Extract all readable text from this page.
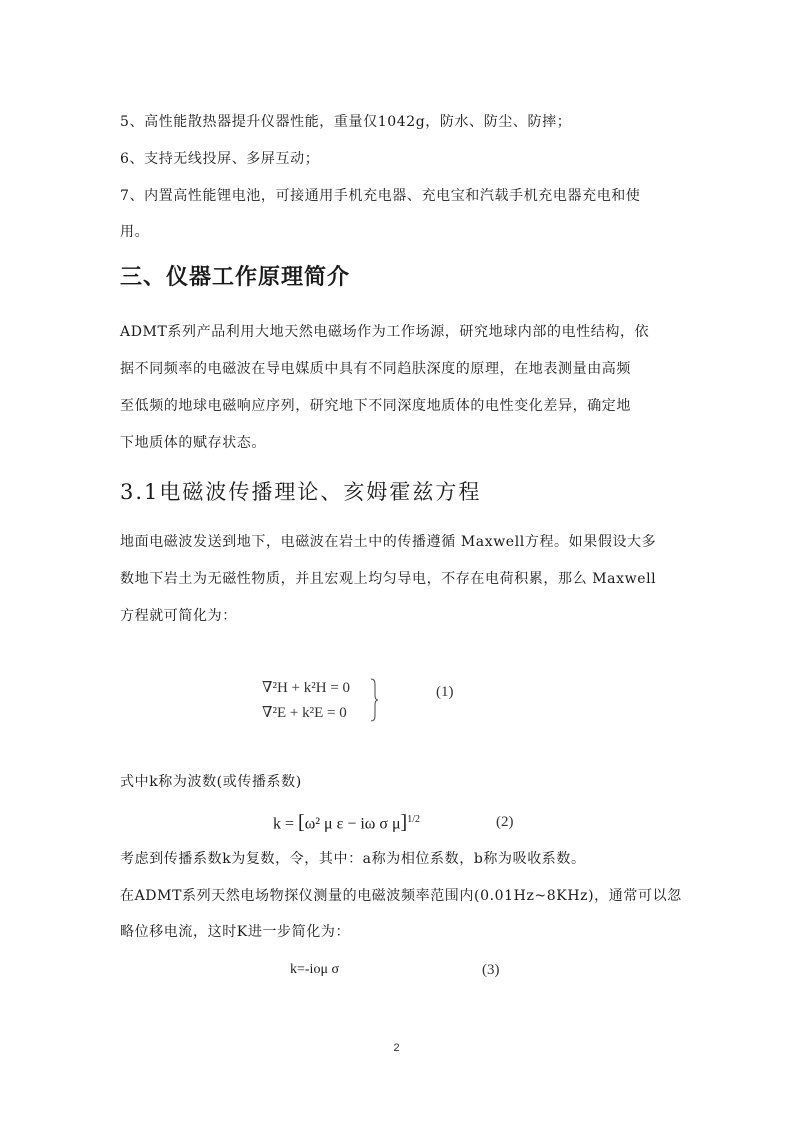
5、高性能散热器提升仪器性能，重量仅1042g，防水、防尘、防摔；
6、支持无线投屏、多屏互动；
7、内置高性能锂电池，可接通用手机充电器、充电宝和汽载手机充电器充电和使
用。
三、仪器工作原理简介
ADMT系列产品利用大地天然电磁场作为工作场源，研究地球内部的电性结构，依
据不同频率的电磁波在导电媒质中具有不同趋肤深度的原理，在地表测量由高频
至低频的地球电磁响应序列，研究地下不同深度地质体的电性变化差异，确定地
下地质体的赋存状态。
3.1电磁波传播理论、亥姆霍兹方程
地面电磁波发送到地下，电磁波在岩土中的传播遵循 Maxwell方程。如果假设大多
数地下岩土为无磁性物质，并且宏观上均匀导电，不存在电荷积累，那么 Maxwell
方程就可简化为：
∇²H + k²H = 0
∇²E + k²E = 0
(1)
式中k称为波数(或传播系数)
k = [ω² μ ε − iω σ μ]$^{1/2}$	(2)
考虑到传播系数k为复数，令，其中：a称为相位系数，b称为吸收系数。
在ADMT系列天然电场物探仪测量的电磁波频率范围内(0.01Hz~8KHz)，通常可以忽
略位移电流，这时K进一步简化为：
k=-iομ σ	(3)
2
